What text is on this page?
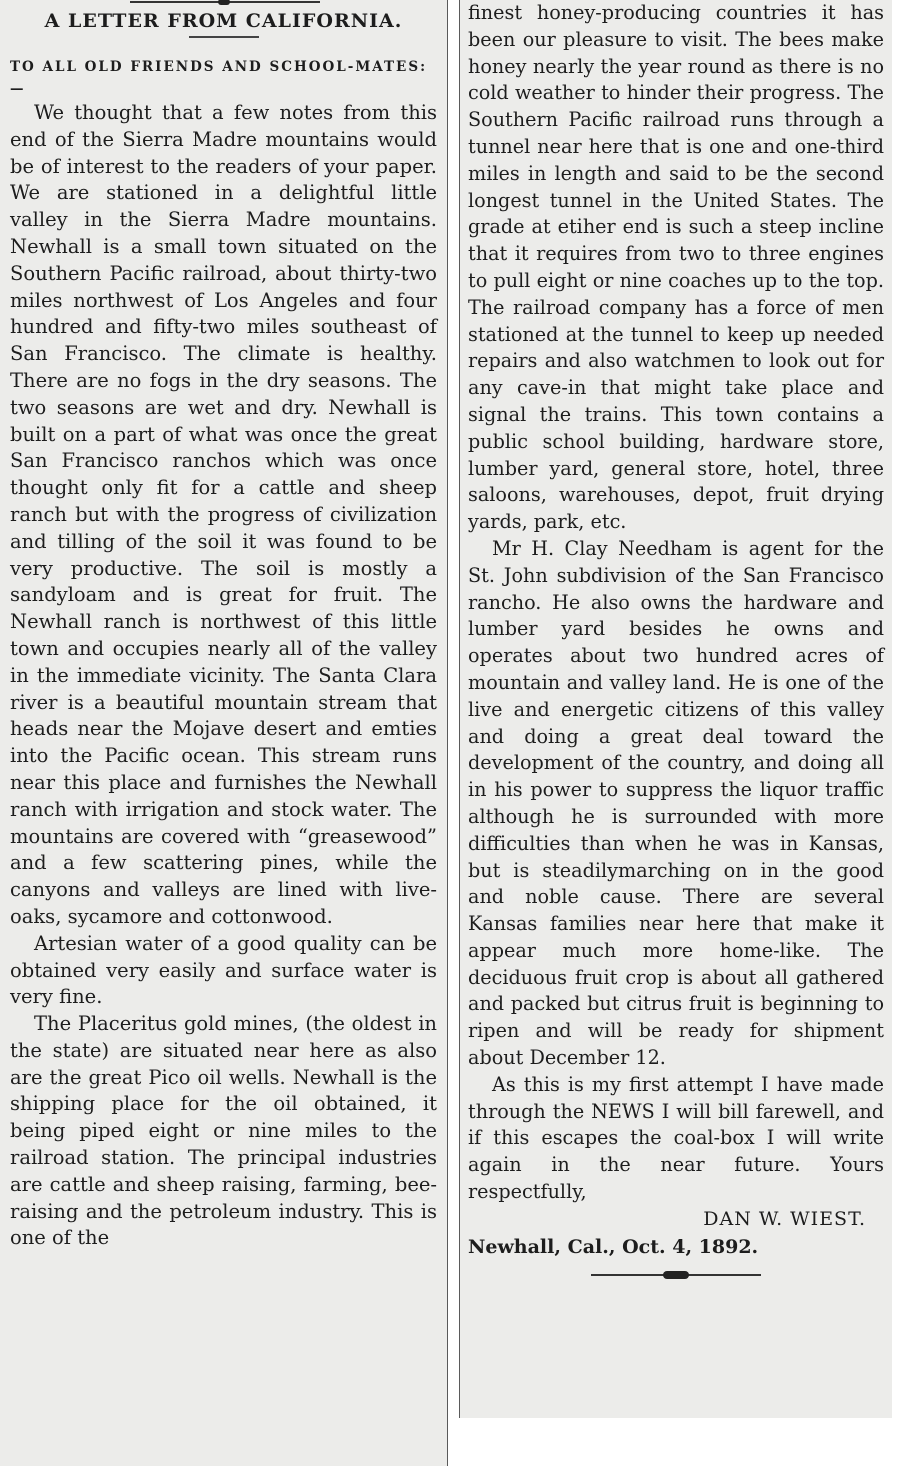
A LETTER FROM CALIFORNIA.
TO ALL OLD FRIENDS AND SCHOOL-MATES:—

We thought that a few notes from this end of the Sierra Madre mountains would be of interest to the readers of your paper. We are stationed in a delightful little valley in the Sierra Madre mountains. Newhall is a small town situated on the Southern Pacific railroad, about thirty-two miles northwest of Los Angeles and four hundred and fifty-two miles southeast of San Francisco. The climate is healthy. There are no fogs in the dry seasons. The two seasons are wet and dry. Newhall is built on a part of what was once the great San Francisco ranchos which was once thought only fit for a cattle and sheep ranch but with the progress of civilization and tilling of the soil it was found to be very productive. The soil is mostly a sandyloam and is great for fruit. The Newhall ranch is northwest of this little town and occupies nearly all of the valley in the immediate vicinity. The Santa Clara river is a beautiful mountain stream that heads near the Mojave desert and emties into the Pacific ocean. This stream runs near this place and furnishes the Newhall ranch with irrigation and stock water. The mountains are covered with “greasewood” and a few scattering pines, while the canyons and valleys are lined with live-oaks, sycamore and cottonwood.

Artesian water of a good quality can be obtained very easily and surface water is very fine.

The Placeritus gold mines, (the oldest in the state) are situated near here as also are the great Pico oil wells. Newhall is the shipping place for the oil obtained, it being piped eight or nine miles to the railroad station. The principal industries are cattle and sheep raising, farming, bee-raising and the petroleum industry. This is one of the

finest honey-producing countries it has been our pleasure to visit. The bees make honey nearly the year round as there is no cold weather to hinder their progress. The Southern Pacific railroad runs through a tunnel near here that is one and one-third miles in length and said to be the second longest tunnel in the United States. The grade at etiher end is such a steep incline that it requires from two to three engines to pull eight or nine coaches up to the top. The railroad company has a force of men stationed at the tunnel to keep up needed repairs and also watchmen to look out for any cave-in that might take place and signal the trains. This town contains a public school building, hardware store, lumber yard, general store, hotel, three saloons, warehouses, depot, fruit drying yards, park, etc.

Mr H. Clay Needham is agent for the St. John subdivision of the San Francisco rancho. He also owns the hardware and lumber yard besides he owns and operates about two hundred acres of mountain and valley land. He is one of the live and energetic citizens of this valley and doing a great deal toward the development of the country, and doing all in his power to suppress the liquor traffic although he is surrounded with more difficulties than when he was in Kansas, but is steadilymarching on in the good and noble cause. There are several Kansas families near here that make it appear much more home-like. The deciduous fruit crop is about all gathered and packed but citrus fruit is beginning to ripen and will be ready for shipment about December 12.

As this is my first attempt I have made through the NEWS I will bill farewell, and if this escapes the coal-box I will write again in the near future. Yours respectfully,

DAN W. WIEST.
Newhall, Cal., Oct. 4, 1892.
